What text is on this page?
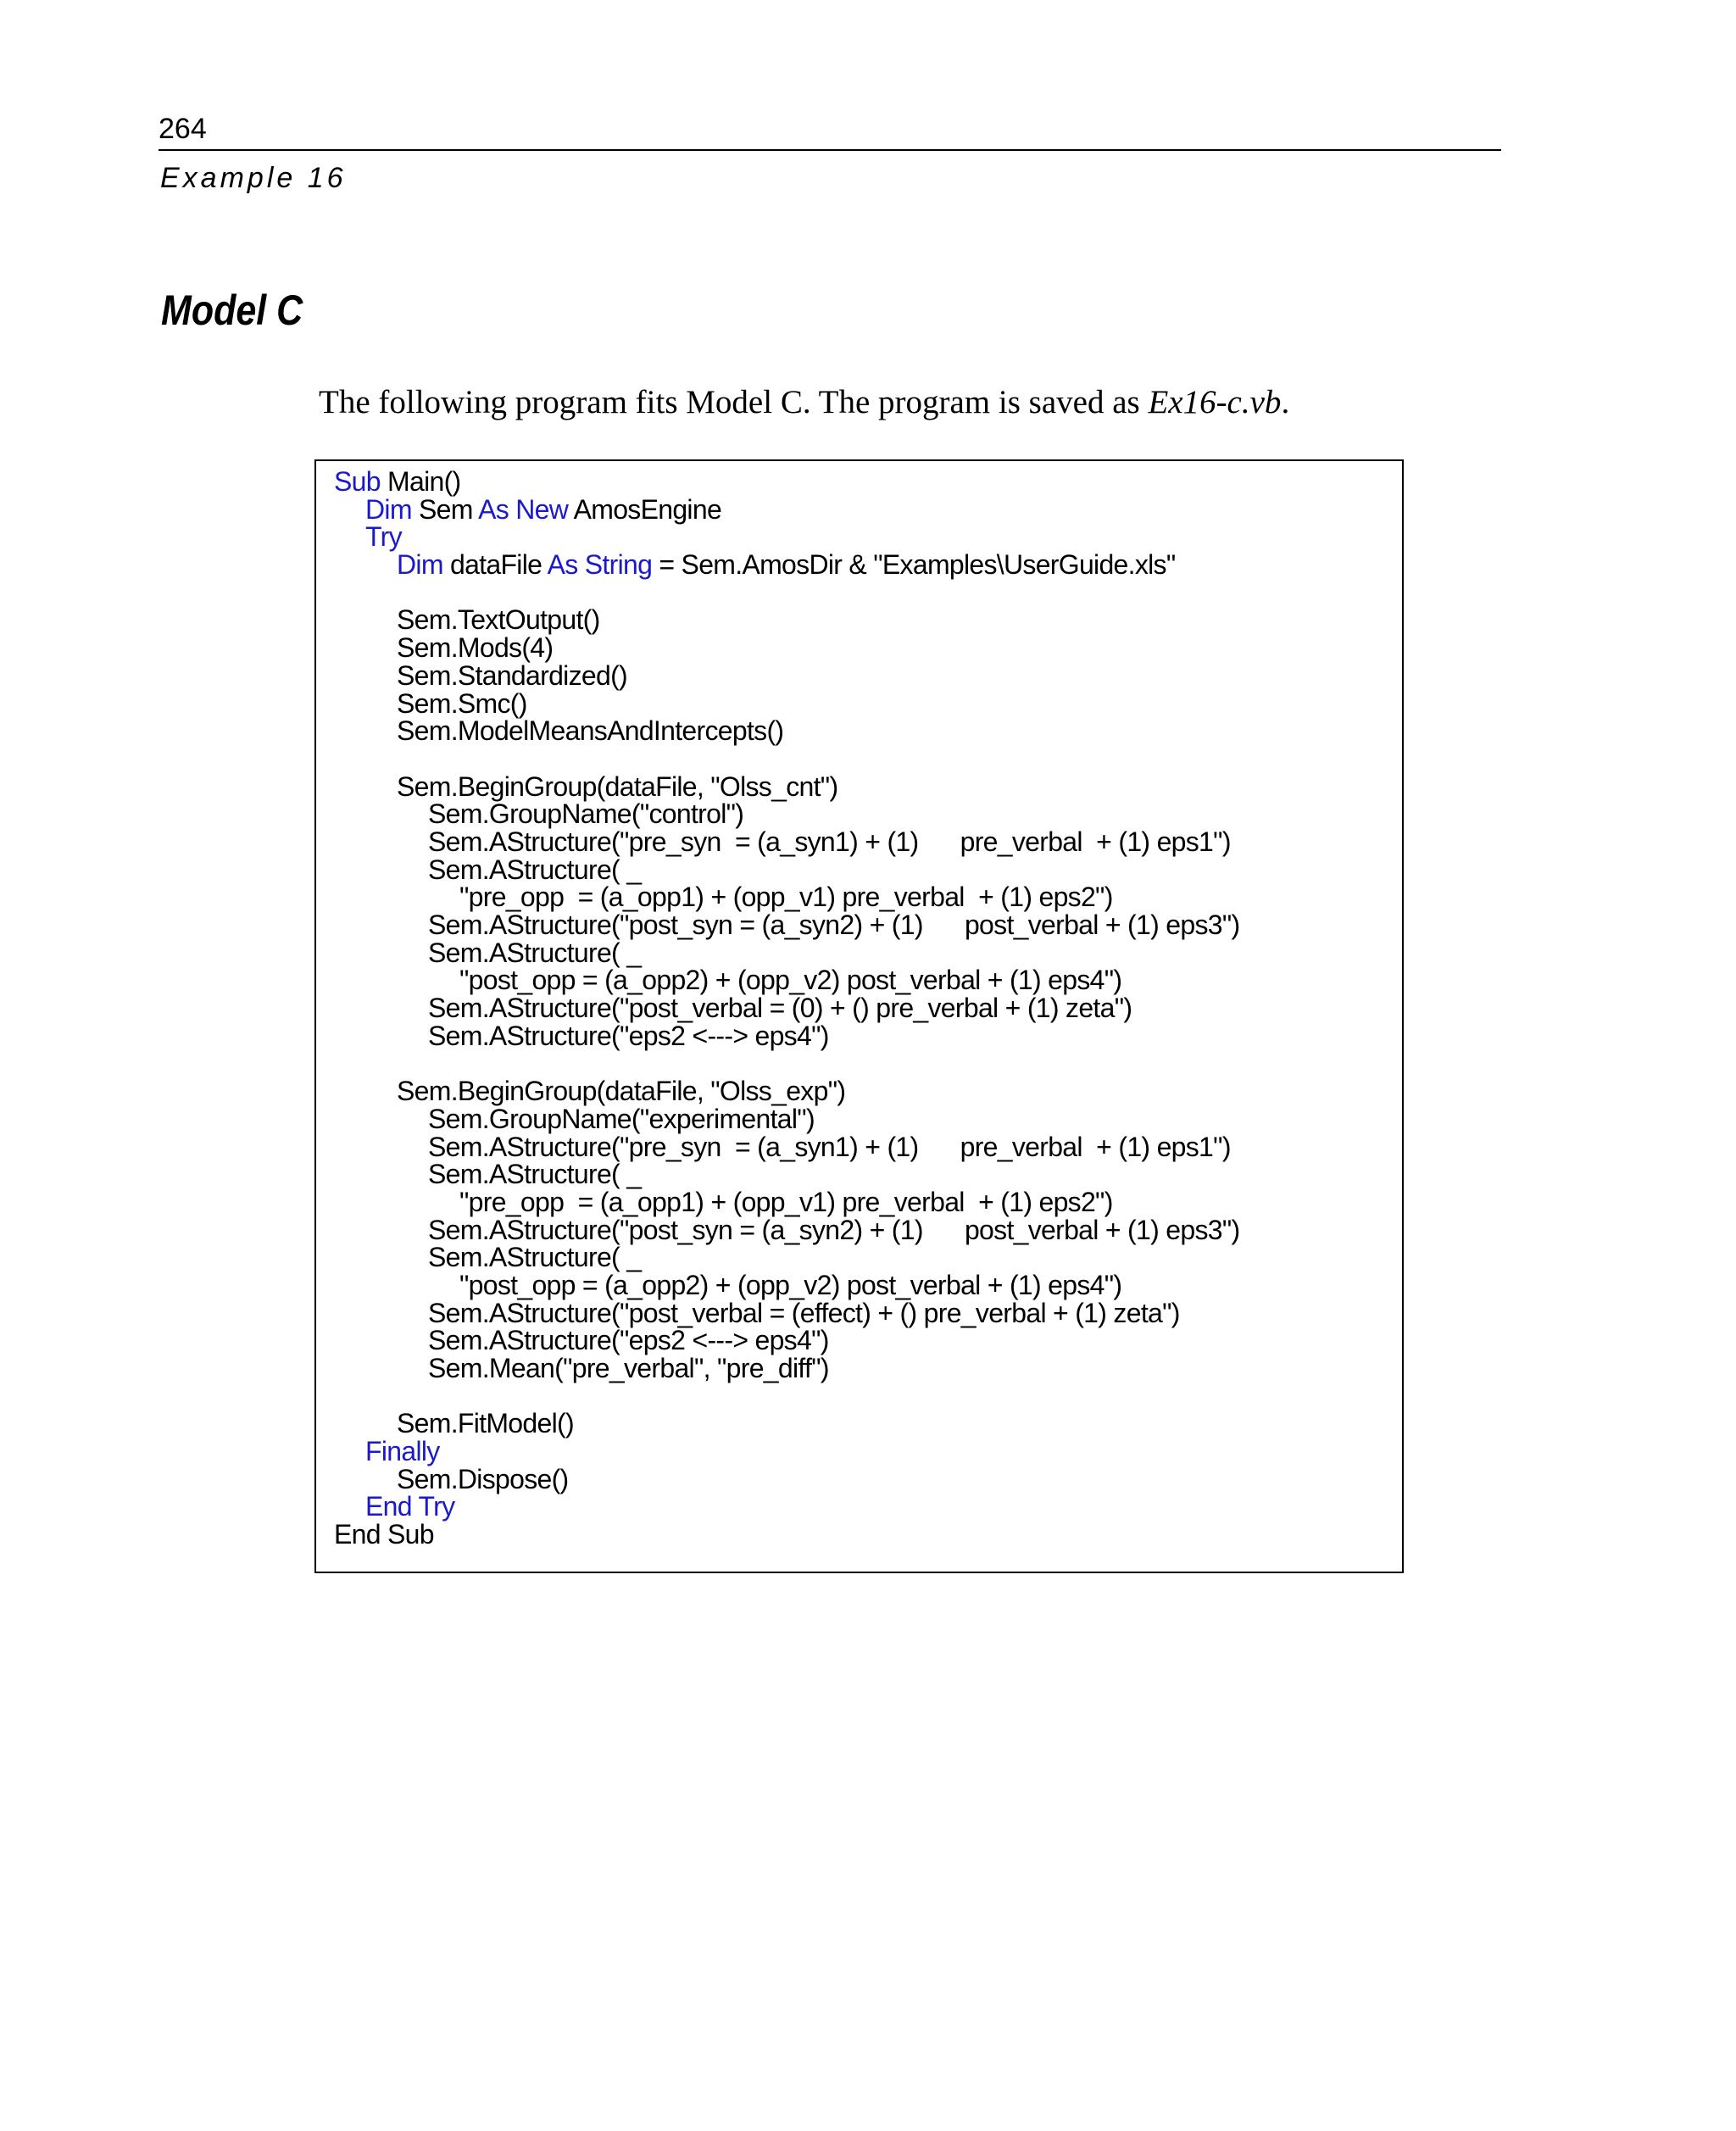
264
Example 16
Model C
The following program fits Model C. The program is saved as Ex16-c.vb.
Sub Main()
Dim Sem As New AmosEngine
Try
Dim dataFile As String = Sem.AmosDir & "Examples\UserGuide.xls"

Sem.TextOutput()
Sem.Mods(4)
Sem.Standardized()
Sem.Smc()
Sem.ModelMeansAndIntercepts()

Sem.BeginGroup(dataFile, "Olss_cnt")
Sem.GroupName("control")
Sem.AStructure("pre_syn  = (a_syn1) + (1)      pre_verbal  + (1) eps1")
Sem.AStructure( _
"pre_opp  = (a_opp1) + (opp_v1) pre_verbal  + (1) eps2")
Sem.AStructure("post_syn = (a_syn2) + (1)      post_verbal + (1) eps3")
Sem.AStructure( _
"post_opp = (a_opp2) + (opp_v2) post_verbal + (1) eps4")
Sem.AStructure("post_verbal = (0) + () pre_verbal + (1) zeta")
Sem.AStructure("eps2 <---> eps4")

Sem.BeginGroup(dataFile, "Olss_exp")
Sem.GroupName("experimental")
Sem.AStructure("pre_syn  = (a_syn1) + (1)      pre_verbal  + (1) eps1")
Sem.AStructure( _
"pre_opp  = (a_opp1) + (opp_v1) pre_verbal  + (1) eps2")
Sem.AStructure("post_syn = (a_syn2) + (1)      post_verbal + (1) eps3")
Sem.AStructure( _
"post_opp = (a_opp2) + (opp_v2) post_verbal + (1) eps4")
Sem.AStructure("post_verbal = (effect) + () pre_verbal + (1) zeta")
Sem.AStructure("eps2 <---> eps4")
Sem.Mean("pre_verbal", "pre_diff")

Sem.FitModel()
Finally
Sem.Dispose()
End Try
End Sub
